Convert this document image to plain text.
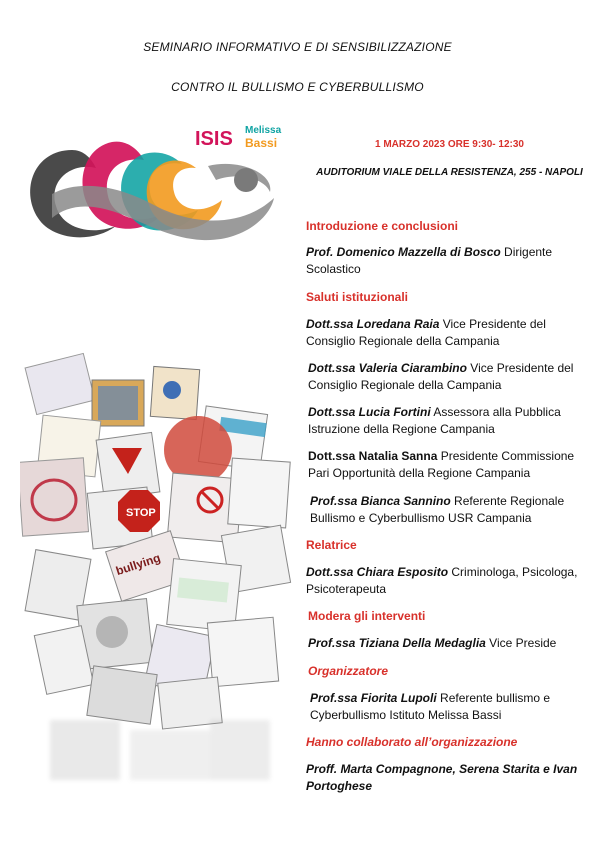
SEMINARIO INFORMATIVO E DI SENSIBILIZZAZIONE
CONTRO IL BULLISMO E CYBERBULLISMO
ISIS Melissa
Bassi
STOP
bullying
1 MARZO 2023 ORE 9:30- 12:30
AUDITORIUM VIALE DELLA RESISTENZA, 255 - NAPOLI
Introduzione e conclusioni
Prof. Domenico Mazzella di Bosco Dirigente Scolastico
Saluti istituzionali
Dott.ssa Loredana Raia Vice Presidente del Consiglio Regionale della Campania
Dott.ssa Valeria Ciarambino Vice Presidente del Consiglio Regionale della Campania
Dott.ssa Lucia Fortini Assessora alla Pubblica Istruzione della Regione Campania
Dott.ssa Natalia Sanna Presidente Commissione Pari Opportunità della Regione Campania
Prof.ssa Bianca Sannino Referente Regionale Bullismo e Cyberbullismo USR Campania
Relatrice
Dott.ssa Chiara Esposito Criminologa, Psicologa, Psicoterapeuta
Modera gli interventi
Prof.ssa Tiziana Della Medaglia Vice Preside
Organizzatore
Prof.ssa Fiorita Lupoli Referente bullismo e Cyberbullismo Istituto Melissa Bassi
Hanno collaborato all’organizzazione
Proff. Marta Compagnone, Serena Starita e Ivan Portoghese
